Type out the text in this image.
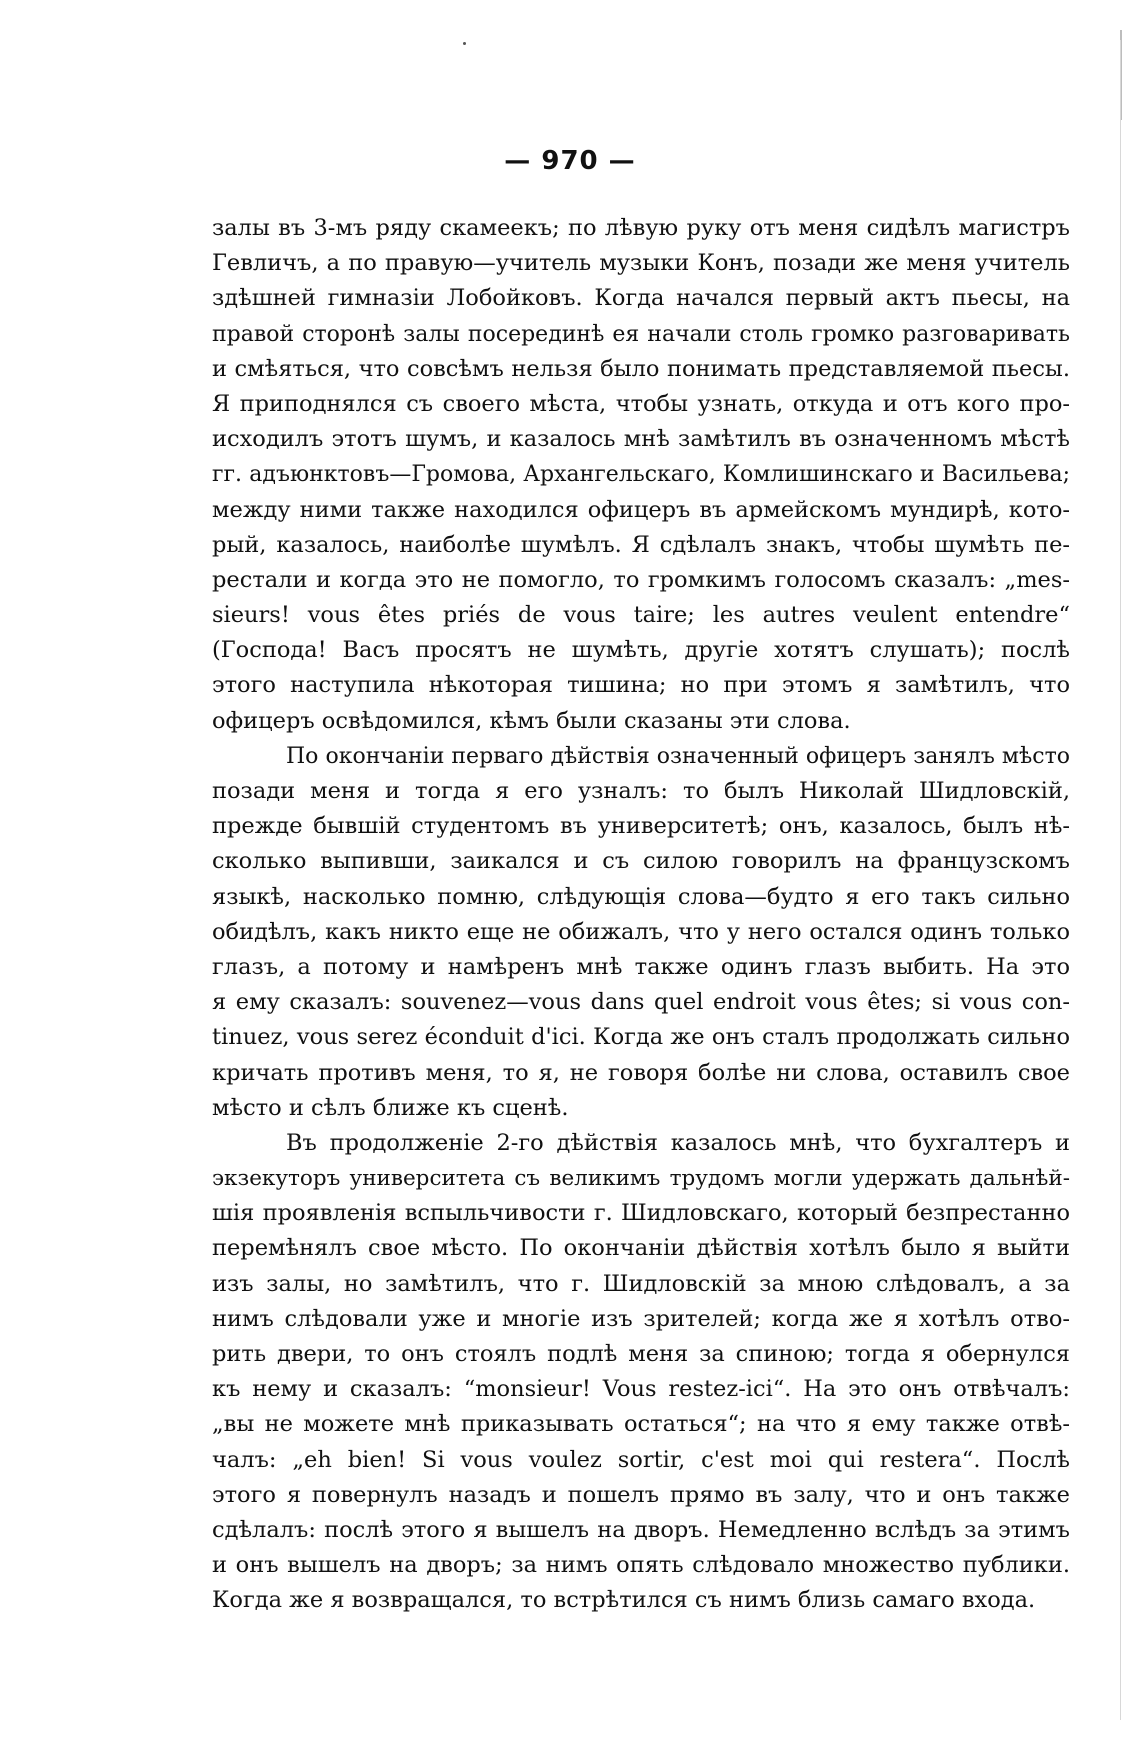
— 970 —
залы въ 3-мъ ряду скамеекъ; по лѣвую руку отъ меня сидѣлъ магистръ
Гевличъ, а по правую—учитель музыки Конъ, позади же меня учитель
здѣшней гимназіи Лобойковъ. Когда начался первый актъ пьесы, на
правой сторонѣ залы посерединѣ ея начали столь громко разговаривать
и смѣяться, что совсѣмъ нельзя было понимать представляемой пьесы.
Я приподнялся съ своего мѣста, чтобы узнать, откуда и отъ кого про-
исходилъ этотъ шумъ, и казалось мнѣ замѣтилъ въ означенномъ мѣстѣ
гг. адъюнктовъ—Громова, Архангельскаго, Комлишинскаго и Васильева;
между ними также находился офицеръ въ армейскомъ мундирѣ, кото-
рый, казалось, наиболѣе шумѣлъ. Я сдѣлалъ знакъ, чтобы шумѣть пе-
рестали и когда это не помогло, то громкимъ голосомъ сказалъ: „mes-
sieurs! vous êtes priés de vous taire; les autres veulent entendre“
(Господа! Васъ просятъ не шумѣть, другіе хотятъ слушать); послѣ
этого наступила нѣкоторая тишина; но при этомъ я замѣтилъ, что
офицеръ освѣдомился, кѣмъ были сказаны эти слова.
По окончаніи перваго дѣйствія означенный офицеръ занялъ мѣсто
позади меня и тогда я его узналъ: то былъ Николай Шидловскій,
прежде бывшій студентомъ въ университетѣ; онъ, казалось, былъ нѣ-
сколько выпивши, заикался и съ силою говорилъ на французскомъ
языкѣ, насколько помню, слѣдующія слова—будто я его такъ сильно
обидѣлъ, какъ никто еще не обижалъ, что у него остался одинъ только
глазъ, а потому и намѣренъ мнѣ также одинъ глазъ выбить. На это
я ему сказалъ: souvenez—vous dans quel endroit vous êtes; si vous con-
tinuez, vous serez éconduit d'ici. Когда же онъ сталъ продолжать сильно
кричать противъ меня, то я, не говоря болѣе ни слова, оставилъ свое
мѣсто и сѣлъ ближе къ сценѣ.
Въ продолженіе 2-го дѣйствія казалось мнѣ, что бухгалтеръ и
экзекуторъ университета съ великимъ трудомъ могли удержать дальнѣй-
шія проявленія вспыльчивости г. Шидловскаго, который безпрестанно
перемѣнялъ свое мѣсто. По окончаніи дѣйствія хотѣлъ было я выйти
изъ залы, но замѣтилъ, что г. Шидловскій за мною слѣдовалъ, а за
нимъ слѣдовали уже и многіе изъ зрителей; когда же я хотѣлъ отво-
рить двери, то онъ стоялъ подлѣ меня за спиною; тогда я обернулся
къ нему и сказалъ: “monsieur! Vous restez-ici“. На это онъ отвѣчалъ:
„вы не можете мнѣ приказывать остаться“; на что я ему также отвѣ-
чалъ: „eh bien! Si vous voulez sortir, c'est moi qui restera“. Послѣ
этого я повернулъ назадъ и пошелъ прямо въ залу, что и онъ также
сдѣлалъ: послѣ этого я вышелъ на дворъ. Немедленно вслѣдъ за этимъ
и онъ вышелъ на дворъ; за нимъ опять слѣдовало множество публики.
Когда же я возвращался, то встрѣтился съ нимъ близь самаго входа.
